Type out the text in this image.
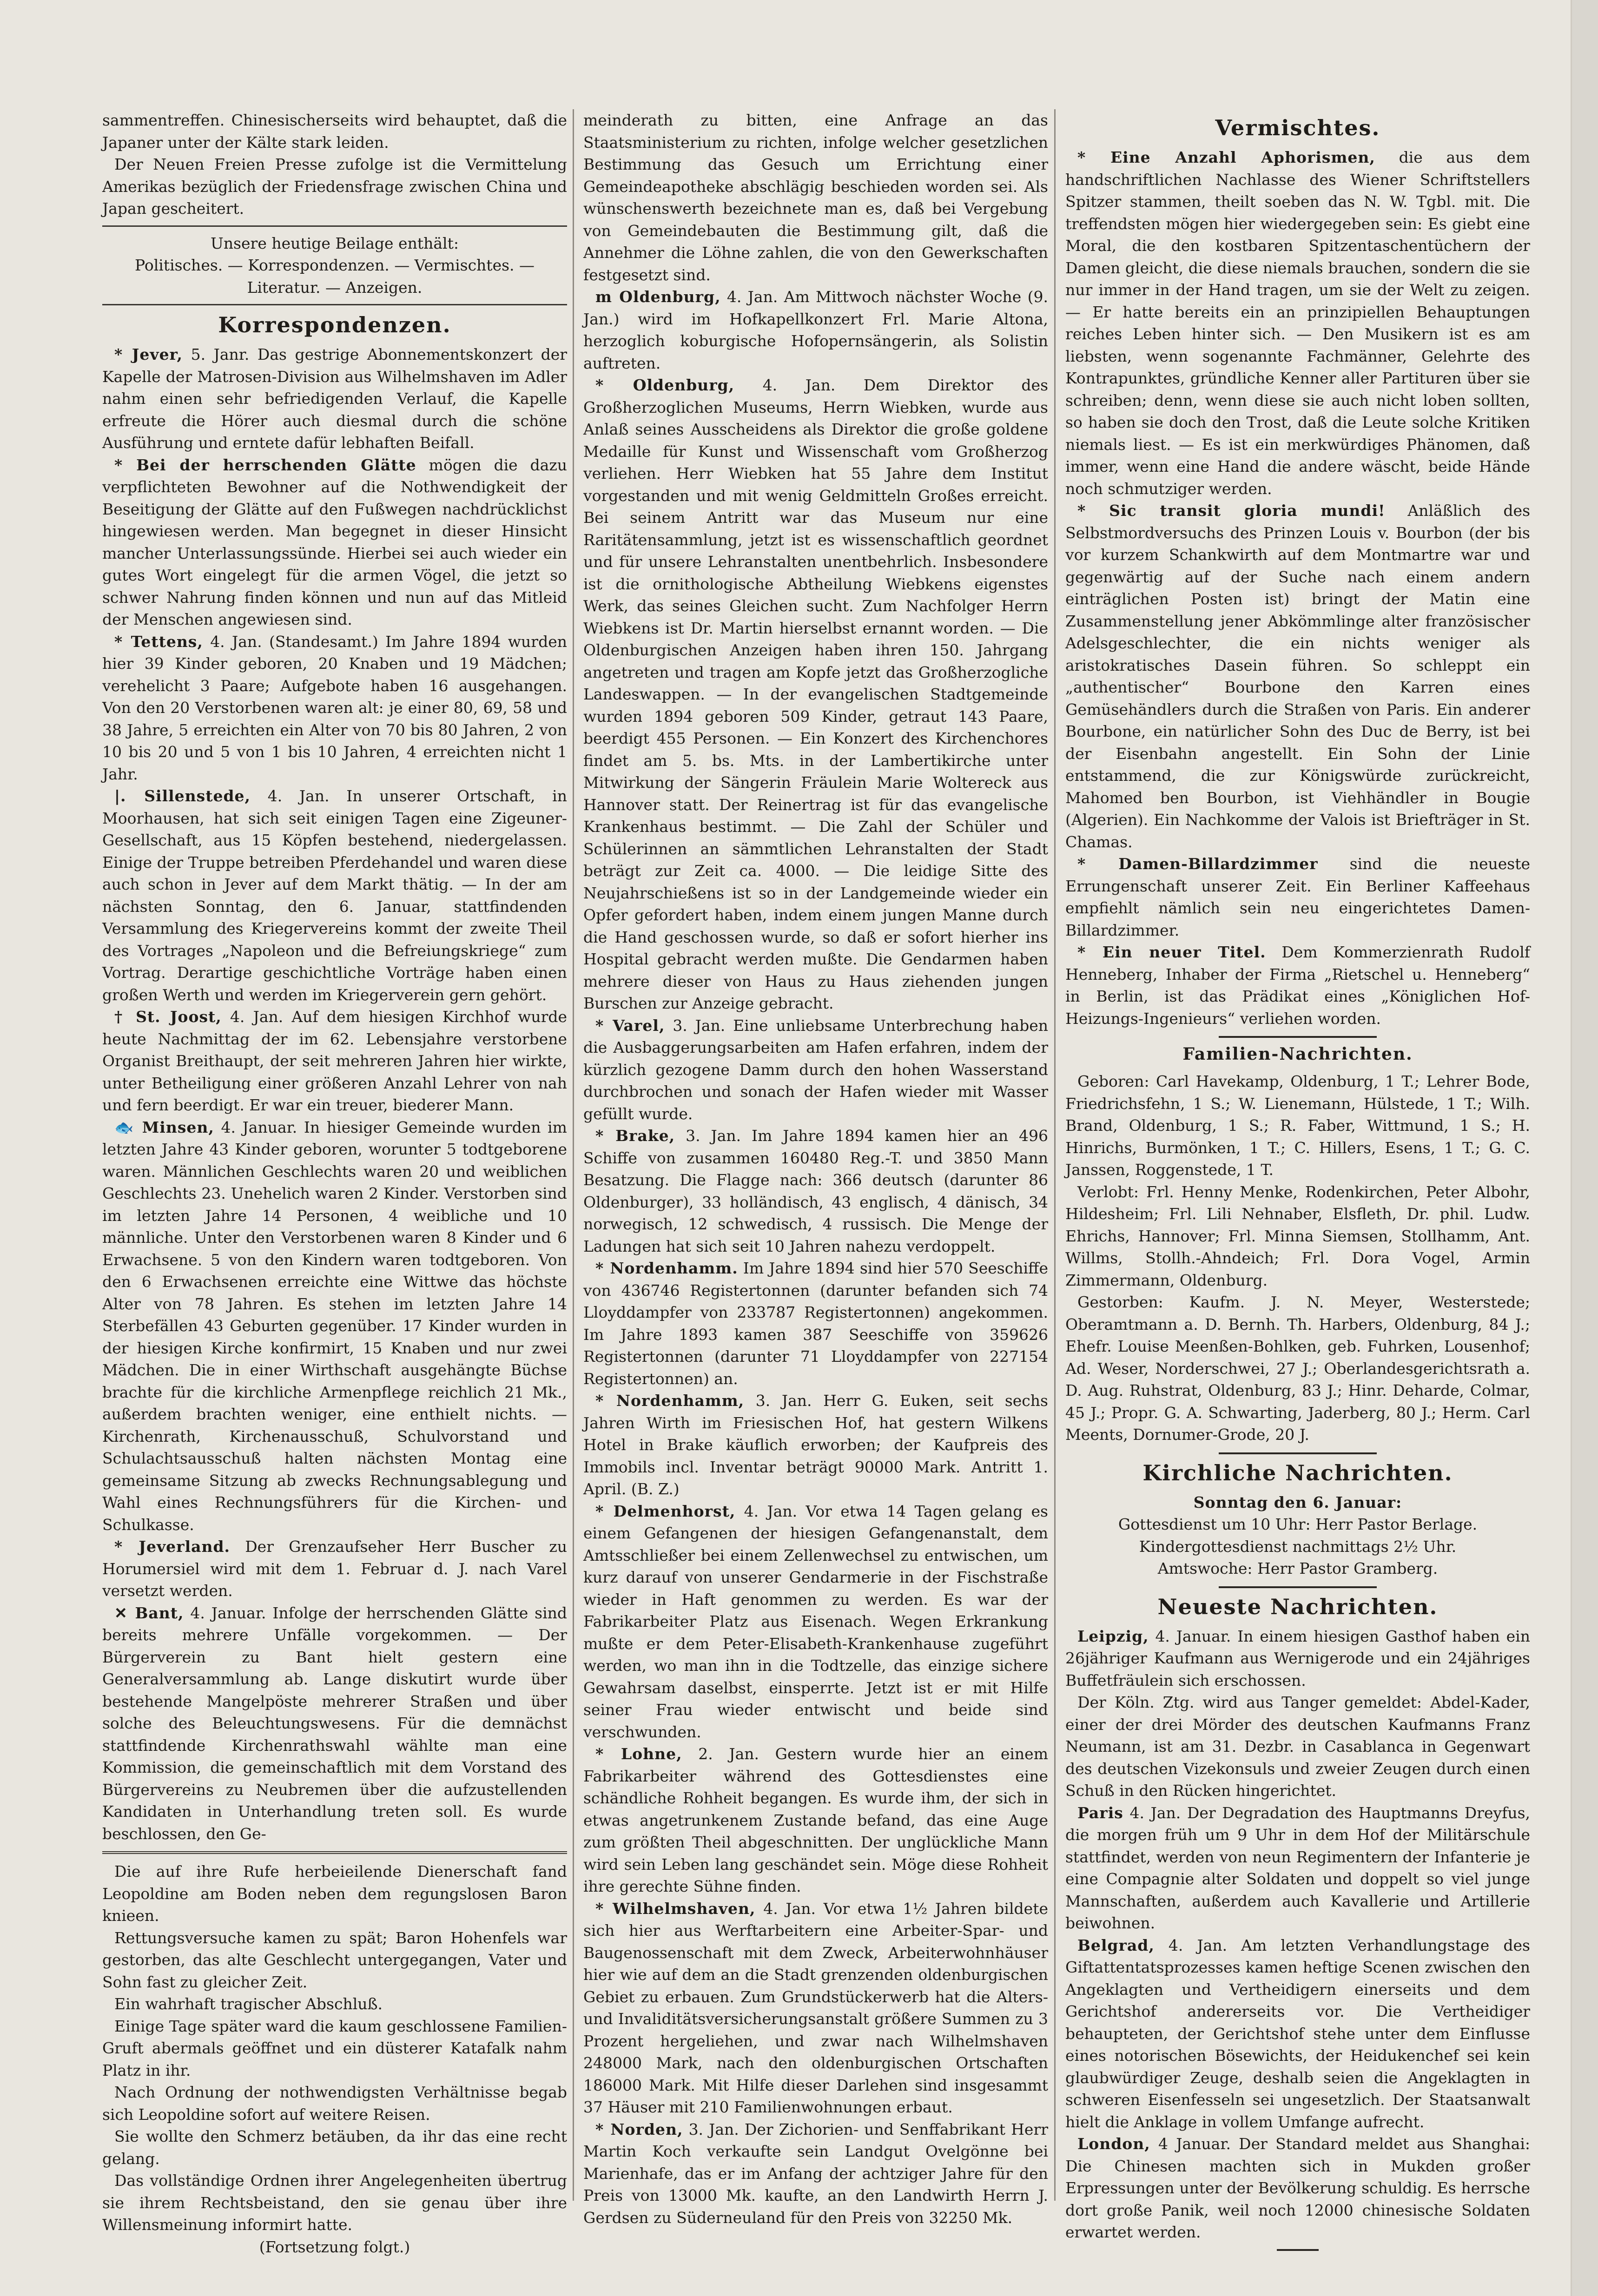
sammentreffen. Chinesischerseits wird behauptet, daß die Japaner unter der Kälte stark leiden.

Der Neuen Freien Presse zufolge ist die Vermittelung Amerikas bezüglich der Friedensfrage zwischen China und Japan gescheitert.

Unsere heutige Beilage enthält:

Politisches. — Korrespondenzen. — Vermischtes. — Literatur. — Anzeigen.

Korrespondenzen.

* Jever, 5. Janr. Das gestrige Abonnementskonzert der Kapelle der Matrosen-Division aus Wilhelmshaven im Adler nahm einen sehr befriedigenden Verlauf, die Kapelle erfreute die Hörer auch diesmal durch die schöne Ausführung und erntete dafür lebhaften Beifall.

* Bei der herrschenden Glätte mögen die dazu verpflichteten Bewohner auf die Nothwendigkeit der Beseitigung der Glätte auf den Fußwegen nachdrücklichst hingewiesen werden. Man begegnet in dieser Hinsicht mancher Unterlassungssünde. Hierbei sei auch wieder ein gutes Wort eingelegt für die armen Vögel, die jetzt so schwer Nahrung finden können und nun auf das Mitleid der Menschen angewiesen sind.

* Tettens, 4. Jan. (Standesamt.) Im Jahre 1894 wurden hier 39 Kinder geboren, 20 Knaben und 19 Mädchen; verehelicht 3 Paare; Aufgebote haben 16 ausgehangen. Von den 20 Verstorbenen waren alt: je einer 80, 69, 58 und 38 Jahre, 5 erreichten ein Alter von 70 bis 80 Jahren, 2 von 10 bis 20 und 5 von 1 bis 10 Jahren, 4 erreichten nicht 1 Jahr.

|. Sillenstede, 4. Jan. In unserer Ortschaft, in Moorhausen, hat sich seit einigen Tagen eine Zigeuner-Gesellschaft, aus 15 Köpfen bestehend, niedergelassen. Einige der Truppe betreiben Pferdehandel und waren diese auch schon in Jever auf dem Markt thätig. — In der am nächsten Sonntag, den 6. Januar, stattfindenden Versammlung des Kriegervereins kommt der zweite Theil des Vortrages „Napoleon und die Befreiungskriege“ zum Vortrag. Derartige geschichtliche Vorträge haben einen großen Werth und werden im Kriegerverein gern gehört.

† St. Joost, 4. Jan. Auf dem hiesigen Kirchhof wurde heute Nachmittag der im 62. Lebensjahre verstorbene Organist Breithaupt, der seit mehreren Jahren hier wirkte, unter Betheiligung einer größeren Anzahl Lehrer von nah und fern beerdigt. Er war ein treuer, biederer Mann.

🐟 Minsen, 4. Januar. In hiesiger Gemeinde wurden im letzten Jahre 43 Kinder geboren, worunter 5 todtgeborene waren. Männlichen Geschlechts waren 20 und weiblichen Geschlechts 23. Unehelich waren 2 Kinder. Verstorben sind im letzten Jahre 14 Personen, 4 weibliche und 10 männliche. Unter den Verstorbenen waren 8 Kinder und 6 Erwachsene. 5 von den Kindern waren todtgeboren. Von den 6 Erwachsenen erreichte eine Wittwe das höchste Alter von 78 Jahren. Es stehen im letzten Jahre 14 Sterbefällen 43 Geburten gegenüber. 17 Kinder wurden in der hiesigen Kirche konfirmirt, 15 Knaben und nur zwei Mädchen. Die in einer Wirthschaft ausgehängte Büchse brachte für die kirchliche Armenpflege reichlich 21 Mk., außerdem brachten weniger, eine enthielt nichts. — Kirchenrath, Kirchenausschuß, Schulvorstand und Schulachtsausschuß halten nächsten Montag eine gemeinsame Sitzung ab zwecks Rechnungsablegung und Wahl eines Rechnungsführers für die Kirchen- und Schulkasse.

* Jeverland. Der Grenzaufseher Herr Buscher zu Horumersiel wird mit dem 1. Februar d. J. nach Varel versetzt werden.

✕ Bant, 4. Januar. Infolge der herrschenden Glätte sind bereits mehrere Unfälle vorgekommen. — Der Bürgerverein zu Bant hielt gestern eine Generalversammlung ab. Lange diskutirt wurde über bestehende Mangelpöste mehrerer Straßen und über solche des Beleuchtungswesens. Für die demnächst stattfindende Kirchenrathswahl wählte man eine Kommission, die gemeinschaftlich mit dem Vorstand des Bürgervereins zu Neubremen über die aufzustellenden Kandidaten in Unterhandlung treten soll. Es wurde beschlossen, den Ge-

Die auf ihre Rufe herbeieilende Dienerschaft fand Leopoldine am Boden neben dem regungslosen Baron knieen.

Rettungsversuche kamen zu spät; Baron Hohenfels war gestorben, das alte Geschlecht untergegangen, Vater und Sohn fast zu gleicher Zeit.

Ein wahrhaft tragischer Abschluß.

Einige Tage später ward die kaum geschlossene Familien-Gruft abermals geöffnet und ein düsterer Katafalk nahm Platz in ihr.

Nach Ordnung der nothwendigsten Verhältnisse begab sich Leopoldine sofort auf weitere Reisen.

Sie wollte den Schmerz betäuben, da ihr das eine recht gelang.

Das vollständige Ordnen ihrer Angelegenheiten übertrug sie ihrem Rechtsbeistand, den sie genau über ihre Willensmeinung informirt hatte.

(Fortsetzung folgt.)

meinderath zu bitten, eine Anfrage an das Staatsministerium zu richten, infolge welcher gesetzlichen Bestimmung das Gesuch um Errichtung einer Gemeindeapotheke abschlägig beschieden worden sei. Als wünschenswerth bezeichnete man es, daß bei Vergebung von Gemeindebauten die Bestimmung gilt, daß die Annehmer die Löhne zahlen, die von den Gewerkschaften festgesetzt sind.

m Oldenburg, 4. Jan. Am Mittwoch nächster Woche (9. Jan.) wird im Hofkapellkonzert Frl. Marie Altona, herzoglich koburgische Hofopernsängerin, als Solistin auftreten.

* Oldenburg, 4. Jan. Dem Direktor des Großherzoglichen Museums, Herrn Wiebken, wurde aus Anlaß seines Ausscheidens als Direktor die große goldene Medaille für Kunst und Wissenschaft vom Großherzog verliehen. Herr Wiebken hat 55 Jahre dem Institut vorgestanden und mit wenig Geldmitteln Großes erreicht. Bei seinem Antritt war das Museum nur eine Raritätensammlung, jetzt ist es wissenschaftlich geordnet und für unsere Lehranstalten unentbehrlich. Insbesondere ist die ornithologische Abtheilung Wiebkens eigenstes Werk, das seines Gleichen sucht. Zum Nachfolger Herrn Wiebkens ist Dr. Martin hierselbst ernannt worden. — Die Oldenburgischen Anzeigen haben ihren 150. Jahrgang angetreten und tragen am Kopfe jetzt das Großherzogliche Landeswappen. — In der evangelischen Stadtgemeinde wurden 1894 geboren 509 Kinder, getraut 143 Paare, beerdigt 455 Personen. — Ein Konzert des Kirchenchores findet am 5. bs. Mts. in der Lambertikirche unter Mitwirkung der Sängerin Fräulein Marie Woltereck aus Hannover statt. Der Reinertrag ist für das evangelische Krankenhaus bestimmt. — Die Zahl der Schüler und Schülerinnen an sämmtlichen Lehranstalten der Stadt beträgt zur Zeit ca. 4000. — Die leidige Sitte des Neujahrschießens ist so in der Landgemeinde wieder ein Opfer gefordert haben, indem einem jungen Manne durch die Hand geschossen wurde, so daß er sofort hierher ins Hospital gebracht werden mußte. Die Gendarmen haben mehrere dieser von Haus zu Haus ziehenden jungen Burschen zur Anzeige gebracht.

* Varel, 3. Jan. Eine unliebsame Unterbrechung haben die Ausbaggerungsarbeiten am Hafen erfahren, indem der kürzlich gezogene Damm durch den hohen Wasserstand durchbrochen und sonach der Hafen wieder mit Wasser gefüllt wurde.

* Brake, 3. Jan. Im Jahre 1894 kamen hier an 496 Schiffe von zusammen 160480 Reg.-T. und 3850 Mann Besatzung. Die Flagge nach: 366 deutsch (darunter 86 Oldenburger), 33 holländisch, 43 englisch, 4 dänisch, 34 norwegisch, 12 schwedisch, 4 russisch. Die Menge der Ladungen hat sich seit 10 Jahren nahezu verdoppelt.

* Nordenhamm. Im Jahre 1894 sind hier 570 Seeschiffe von 436746 Registertonnen (darunter befanden sich 74 Lloyddampfer von 233787 Registertonnen) angekommen. Im Jahre 1893 kamen 387 Seeschiffe von 359626 Registertonnen (darunter 71 Lloyddampfer von 227154 Registertonnen) an.

* Nordenhamm, 3. Jan. Herr G. Euken, seit sechs Jahren Wirth im Friesischen Hof, hat gestern Wilkens Hotel in Brake käuflich erworben; der Kaufpreis des Immobils incl. Inventar beträgt 90000 Mark. Antritt 1. April. (B. Z.)

* Delmenhorst, 4. Jan. Vor etwa 14 Tagen gelang es einem Gefangenen der hiesigen Gefangenanstalt, dem Amtsschließer bei einem Zellenwechsel zu entwischen, um kurz darauf von unserer Gendarmerie in der Fischstraße wieder in Haft genommen zu werden. Es war der Fabrikarbeiter Platz aus Eisenach. Wegen Erkrankung mußte er dem Peter-Elisabeth-Krankenhause zugeführt werden, wo man ihn in die Todtzelle, das einzige sichere Gewahrsam daselbst, einsperrte. Jetzt ist er mit Hilfe seiner Frau wieder entwischt und beide sind verschwunden.

* Lohne, 2. Jan. Gestern wurde hier an einem Fabrikarbeiter während des Gottesdienstes eine schändliche Rohheit begangen. Es wurde ihm, der sich in etwas angetrunkenem Zustande befand, das eine Auge zum größten Theil abgeschnitten. Der unglückliche Mann wird sein Leben lang geschändet sein. Möge diese Rohheit ihre gerechte Sühne finden.

* Wilhelmshaven, 4. Jan. Vor etwa 1½ Jahren bildete sich hier aus Werftarbeitern eine Arbeiter-Spar- und Baugenossenschaft mit dem Zweck, Arbeiterwohnhäuser hier wie auf dem an die Stadt grenzenden oldenburgischen Gebiet zu erbauen. Zum Grundstückerwerb hat die Alters- und Invaliditätsversicherungsanstalt größere Summen zu 3 Prozent hergeliehen, und zwar nach Wilhelmshaven 248000 Mark, nach den oldenburgischen Ortschaften 186000 Mark. Mit Hilfe dieser Darlehen sind insgesammt 37 Häuser mit 210 Familienwohnungen erbaut.

* Norden, 3. Jan. Der Zichorien- und Senffabrikant Herr Martin Koch verkaufte sein Landgut Ovelgönne bei Marienhafe, das er im Anfang der achtziger Jahre für den Preis von 13000 Mk. kaufte, an den Landwirth Herrn J. Gerdsen zu Süderneuland für den Preis von 32250 Mk.

Vermischtes.

* Eine Anzahl Aphorismen, die aus dem handschriftlichen Nachlasse des Wiener Schriftstellers Spitzer stammen, theilt soeben das N. W. Tgbl. mit. Die treffendsten mögen hier wiedergegeben sein: Es giebt eine Moral, die den kostbaren Spitzentaschentüchern der Damen gleicht, die diese niemals brauchen, sondern die sie nur immer in der Hand tragen, um sie der Welt zu zeigen. — Er hatte bereits ein an prinzipiellen Behauptungen reiches Leben hinter sich. — Den Musikern ist es am liebsten, wenn sogenannte Fachmänner, Gelehrte des Kontrapunktes, gründliche Kenner aller Partituren über sie schreiben; denn, wenn diese sie auch nicht loben sollten, so haben sie doch den Trost, daß die Leute solche Kritiken niemals liest. — Es ist ein merkwürdiges Phänomen, daß immer, wenn eine Hand die andere wäscht, beide Hände noch schmutziger werden.

* Sic transit gloria mundi! Anläßlich des Selbstmordversuchs des Prinzen Louis v. Bourbon (der bis vor kurzem Schankwirth auf dem Montmartre war und gegenwärtig auf der Suche nach einem andern einträglichen Posten ist) bringt der Matin eine Zusammenstellung jener Abkömmlinge alter französischer Adelsgeschlechter, die ein nichts weniger als aristokratisches Dasein führen. So schleppt ein „authentischer“ Bourbone den Karren eines Gemüsehändlers durch die Straßen von Paris. Ein anderer Bourbone, ein natürlicher Sohn des Duc de Berry, ist bei der Eisenbahn angestellt. Ein Sohn der Linie entstammend, die zur Königswürde zurückreicht, Mahomed ben Bourbon, ist Viehhändler in Bougie (Algerien). Ein Nachkomme der Valois ist Briefträger in St. Chamas.

* Damen-Billardzimmer sind die neueste Errungenschaft unserer Zeit. Ein Berliner Kaffeehaus empfiehlt nämlich sein neu eingerichtetes Damen-Billardzimmer.

* Ein neuer Titel. Dem Kommerzienrath Rudolf Henneberg, Inhaber der Firma „Rietschel u. Henneberg“ in Berlin, ist das Prädikat eines „Königlichen Hof-Heizungs-Ingenieurs“ verliehen worden.

Familien-Nachrichten.

Geboren: Carl Havekamp, Oldenburg, 1 T.; Lehrer Bode, Friedrichsfehn, 1 S.; W. Lienemann, Hülstede, 1 T.; Wilh. Brand, Oldenburg, 1 S.; R. Faber, Wittmund, 1 S.; H. Hinrichs, Burmönken, 1 T.; C. Hillers, Esens, 1 T.; G. C. Janssen, Roggenstede, 1 T.

Verlobt: Frl. Henny Menke, Rodenkirchen, Peter Albohr, Hildesheim; Frl. Lili Nehnaber, Elsfleth, Dr. phil. Ludw. Ehrichs, Hannover; Frl. Minna Siemsen, Stollhamm, Ant. Willms, Stollh.-Ahndeich; Frl. Dora Vogel, Armin Zimmermann, Oldenburg.

Gestorben: Kaufm. J. N. Meyer, Westerstede; Oberamtmann a. D. Bernh. Th. Harbers, Oldenburg, 84 J.; Ehefr. Louise Meenßen-Bohlken, geb. Fuhrken, Lousenhof; Ad. Weser, Norderschwei, 27 J.; Oberlandesgerichtsrath a. D. Aug. Ruhstrat, Oldenburg, 83 J.; Hinr. Deharde, Colmar, 45 J.; Propr. G. A. Schwarting, Jaderberg, 80 J.; Herm. Carl Meents, Dornumer-Grode, 20 J.

Kirchliche Nachrichten.

Sonntag den 6. Januar:

Gottesdienst um 10 Uhr: Herr Pastor Berlage.

Kindergottesdienst nachmittags 2½ Uhr.

Amtswoche: Herr Pastor Gramberg.

Neueste Nachrichten.

Leipzig, 4. Januar. In einem hiesigen Gasthof haben ein 26jähriger Kaufmann aus Wernigerode und ein 24jähriges Buffetfräulein sich erschossen.

Der Köln. Ztg. wird aus Tanger gemeldet: Abdel-Kader, einer der drei Mörder des deutschen Kaufmanns Franz Neumann, ist am 31. Dezbr. in Casablanca in Gegenwart des deutschen Vizekonsuls und zweier Zeugen durch einen Schuß in den Rücken hingerichtet.

Paris 4. Jan. Der Degradation des Hauptmanns Dreyfus, die morgen früh um 9 Uhr in dem Hof der Militärschule stattfindet, werden von neun Regimentern der Infanterie je eine Compagnie alter Soldaten und doppelt so viel junge Mannschaften, außerdem auch Kavallerie und Artillerie beiwohnen.

Belgrad, 4. Jan. Am letzten Verhandlungstage des Giftattentatsprozesses kamen heftige Scenen zwischen den Angeklagten und Vertheidigern einerseits und dem Gerichtshof andererseits vor. Die Vertheidiger behaupteten, der Gerichtshof stehe unter dem Einflusse eines notorischen Bösewichts, der Heidukenchef sei kein glaubwürdiger Zeuge, deshalb seien die Angeklagten in schweren Eisenfesseln sei ungesetzlich. Der Staatsanwalt hielt die Anklage in vollem Umfange aufrecht.

London, 4 Januar. Der Standard meldet aus Shanghai: Die Chinesen machten sich in Mukden großer Erpressungen unter der Bevölkerung schuldig. Es herrsche dort große Panik, weil noch 12000 chinesische Soldaten erwartet werden.
